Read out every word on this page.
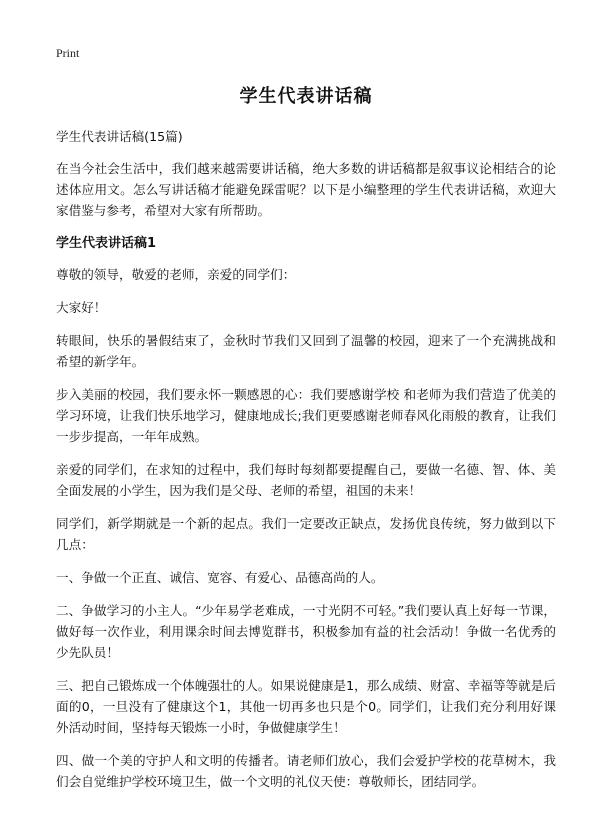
Print
学生代表讲话稿

学生代表讲话稿(15篇)

在当今社会生活中，我们越来越需要讲话稿，绝大多数的讲话稿都是叙事议论相结合的论述体应用文。怎么写讲话稿才能避免踩雷呢？以下是小编整理的学生代表讲话稿，欢迎大家借鉴与参考，希望对大家有所帮助。

学生代表讲话稿1

尊敬的领导，敬爱的老师，亲爱的同学们：

大家好！

转眼间，快乐的暑假结束了，金秋时节我们又回到了温馨的校园，迎来了一个充满挑战和希望的新学年。

步入美丽的校园，我们要永怀一颗感恩的心：我们要感谢学校 和老师为我们营造了优美的学习环境，让我们快乐地学习，健康地成长;我们更要感谢老师春风化雨般的教育，让我们一步步提高，一年年成熟。

亲爱的同学们，在求知的过程中，我们每时每刻都要提醒自己，要做一名德、智、体、美 全面发展的小学生，因为我们是父母、老师的希望，祖国的未来！

同学们，新学期就是一个新的起点。我们一定要改正缺点，发扬优良传统，努力做到以下几点：

一、争做一个正直、诚信、宽容、有爱心、品德高尚的人。

二、争做学习的小主人。“少年易学老难成，一寸光阴不可轻。”我们要认真上好每一节课，做好每一次作业，利用课余时间去博览群书，积极参加有益的社会活动！争做一名优秀的少先队员！

三、把自己锻炼成一个体魄强壮的人。如果说健康是1，那么成绩、财富、幸福等等就是后面的0，一旦没有了健康这个1，其他一切再多也只是个0。同学们，让我们充分利用好课外活动时间，坚持每天锻炼一小时，争做健康学生！

四、做一个美的守护人和文明的传播者。请老师们放心，我们会爱护学校的花草树木，我们会自觉维护学校环境卫生，做一个文明的礼仪天使：尊敬师长，团结同学。
